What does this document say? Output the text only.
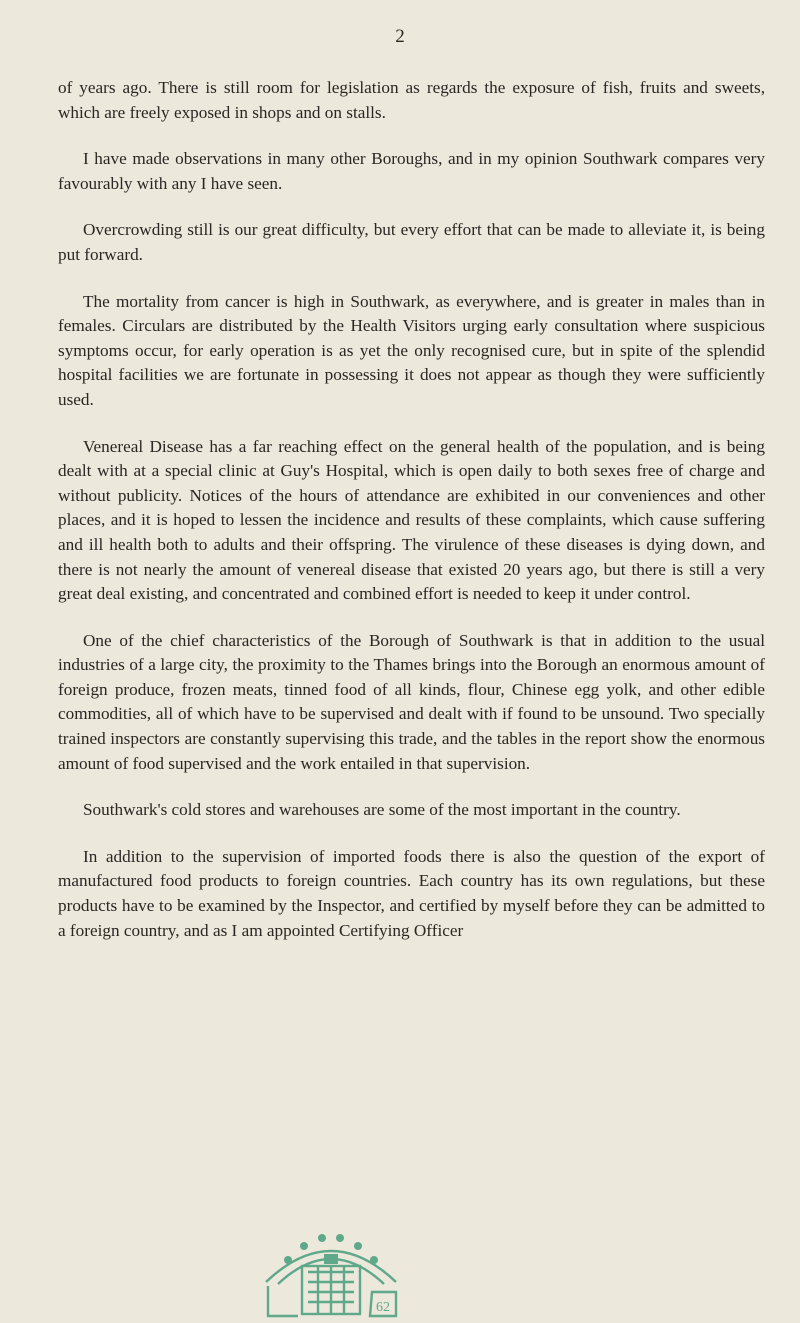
2

of years ago. There is still room for legislation as regards the exposure of fish, fruits and sweets, which are freely exposed in shops and on stalls.

I have made observations in many other Boroughs, and in my opinion Southwark compares very favourably with any I have seen.

Overcrowding still is our great difficulty, but every effort that can be made to alleviate it, is being put forward.

The mortality from cancer is high in Southwark, as everywhere, and is greater in males than in females. Circulars are distributed by the Health Visitors urging early consultation where suspicious symptoms occur, for early operation is as yet the only recognised cure, but in spite of the splendid hospital facilities we are fortunate in possessing it does not appear as though they were sufficiently used.

Venereal Disease has a far reaching effect on the general health of the population, and is being dealt with at a special clinic at Guy's Hospital, which is open daily to both sexes free of charge and without publicity. Notices of the hours of attendance are exhibited in our conveniences and other places, and it is hoped to lessen the incidence and results of these complaints, which cause suffering and ill health both to adults and their offspring. The virulence of these diseases is dying down, and there is not nearly the amount of venereal disease that existed 20 years ago, but there is still a very great deal existing, and concentrated and combined effort is needed to keep it under control.

One of the chief characteristics of the Borough of Southwark is that in addition to the usual industries of a large city, the proximity to the Thames brings into the Borough an enormous amount of foreign produce, frozen meats, tinned food of all kinds, flour, Chinese egg yolk, and other edible commodities, all of which have to be supervised and dealt with if found to be unsound. Two specially trained inspectors are constantly supervising this trade, and the tables in the report show the enormous amount of food supervised and the work entailed in that supervision.

Southwark's cold stores and warehouses are some of the most important in the country.

In addition to the supervision of imported foods there is also the question of the export of manufactured food products to foreign countries. Each country has its own regulations, but these products have to be examined by the Inspector, and certified by myself before they can be admitted to a foreign country, and as I am appointed Certifying Officer

62
